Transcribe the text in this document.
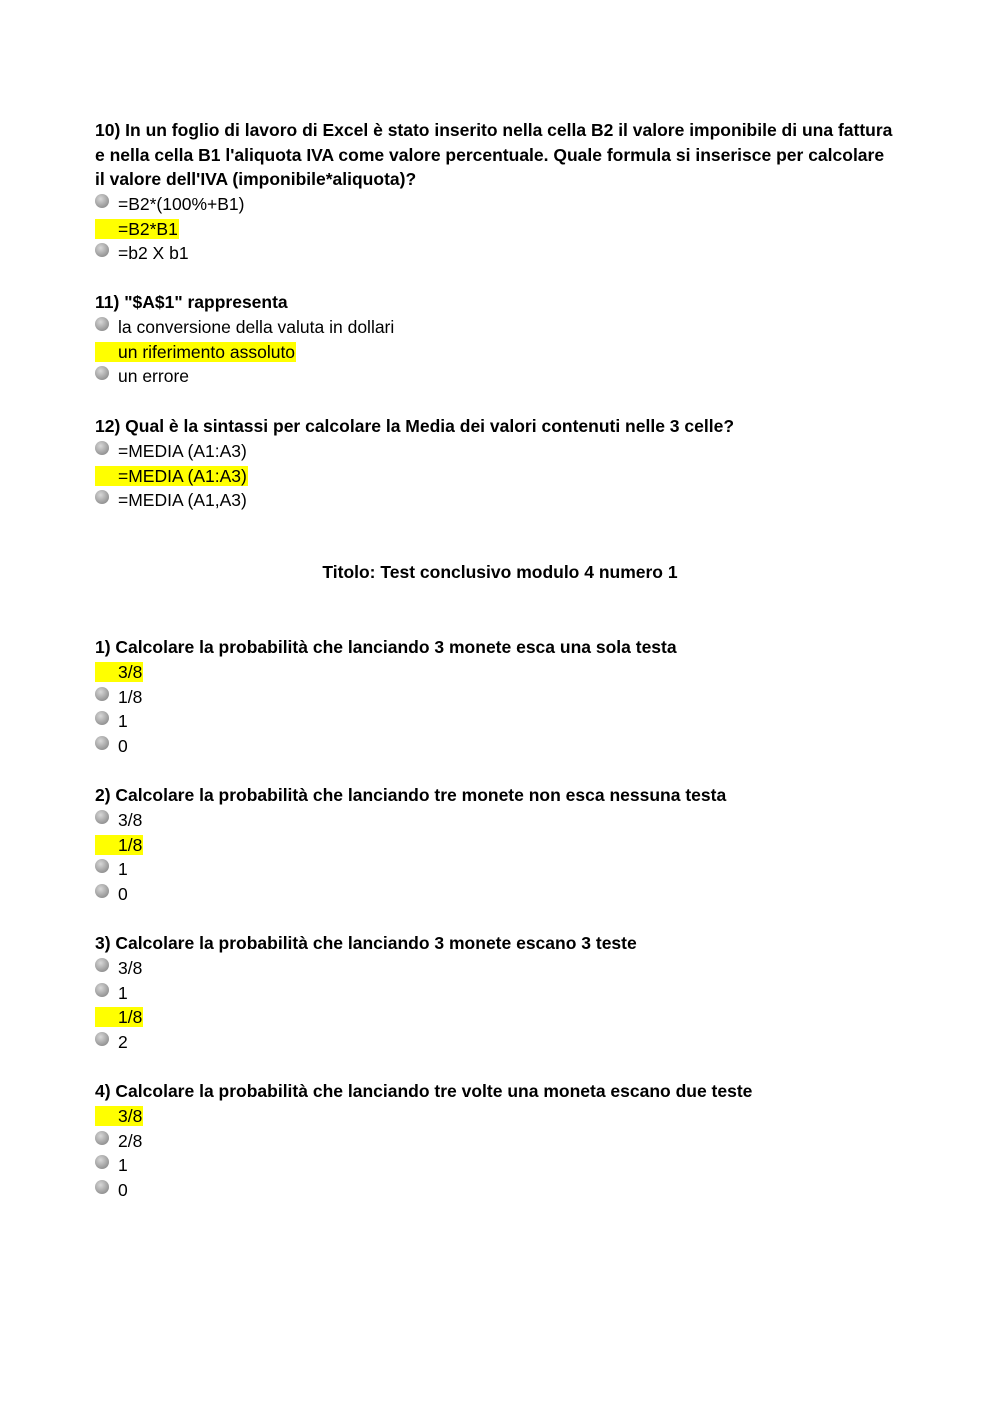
10) In un foglio di lavoro di Excel è stato inserito nella cella B2 il valore imponibile di una fattura e nella cella B1 l'aliquota IVA come valore percentuale. Quale formula si inserisce per calcolare il valore dell'IVA (imponibile*aliquota)?

=B2*(100%+B1)
=B2*B1
=b2 X b1

11) "$A$1" rappresenta

la conversione della valuta in dollari
un riferimento assoluto
un errore

12) Qual è la sintassi per calcolare la Media dei valori contenuti nelle 3 celle?

=MEDIA (A1:A3)
=MEDIA (A1:A3)
=MEDIA (A1,A3)

Titolo: Test conclusivo modulo 4 numero 1

1) Calcolare la probabilità che lanciando 3 monete esca una sola testa

3/8
1/8
1
0

2) Calcolare la probabilità che lanciando tre monete non esca nessuna testa

3/8
1/8
1
0

3) Calcolare la probabilità che lanciando 3 monete escano 3 teste

3/8
1
1/8
2

4) Calcolare la probabilità che lanciando tre volte una moneta escano due teste

3/8
2/8
1
0
